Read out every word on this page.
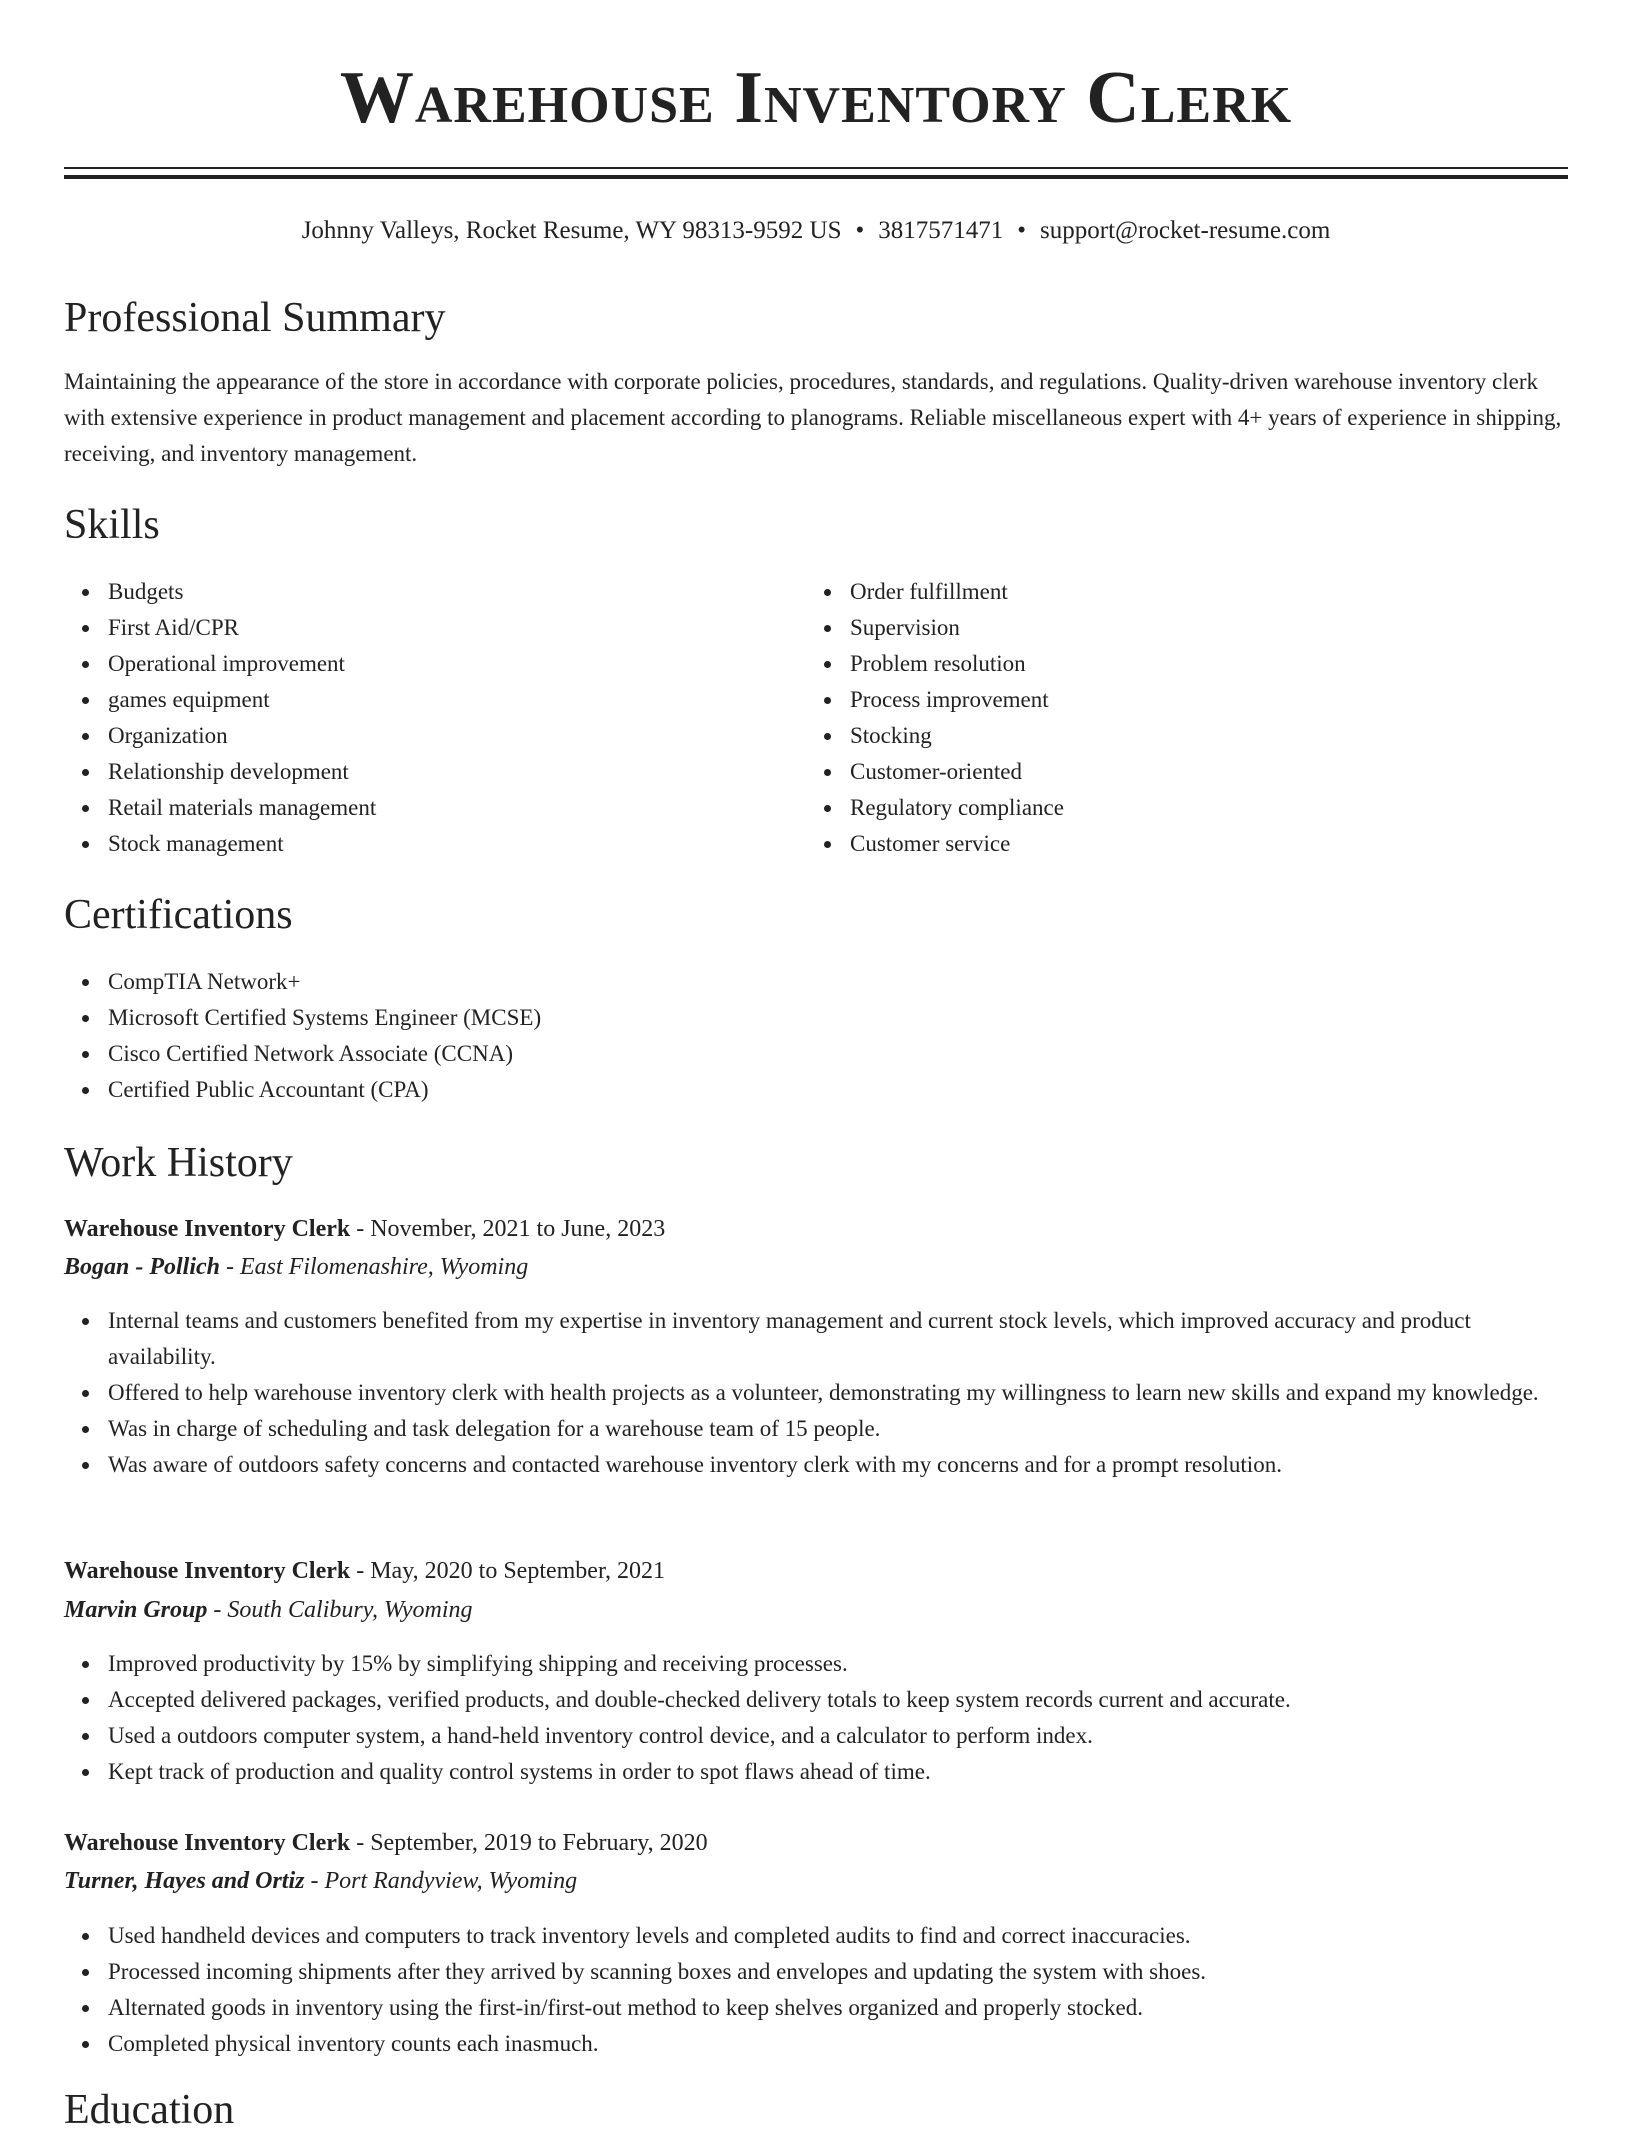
Warehouse Inventory Clerk
Johnny Valleys, Rocket Resume, WY 98313-9592 US • 3817571471 • support@rocket-resume.com
Professional Summary

Maintaining the appearance of the store in accordance with corporate policies, procedures, standards, and regulations. Quality-driven warehouse inventory clerk with extensive experience in product management and placement according to planograms. Reliable miscellaneous expert with 4+ years of experience in shipping, receiving, and inventory management.

Skills
Budgets
First Aid/CPR
Operational improvement
games equipment
Organization
Relationship development
Retail materials management
Stock management
Order fulfillment
Supervision
Problem resolution
Process improvement
Stocking
Customer-oriented
Regulatory compliance
Customer service
Certifications
CompTIA Network+
Microsoft Certified Systems Engineer (MCSE)
Cisco Certified Network Associate (CCNA)
Certified Public Accountant (CPA)
Work History
Warehouse Inventory Clerk - November, 2021 to June, 2023
Bogan - Pollich - East Filomenashire, Wyoming
Internal teams and customers benefited from my expertise in inventory management and current stock levels, which improved accuracy and product availability.
Offered to help warehouse inventory clerk with health projects as a volunteer, demonstrating my willingness to learn new skills and expand my knowledge.
Was in charge of scheduling and task delegation for a warehouse team of 15 people.
Was aware of outdoors safety concerns and contacted warehouse inventory clerk with my concerns and for a prompt resolution.
Warehouse Inventory Clerk - May, 2020 to September, 2021
Marvin Group - South Calibury, Wyoming
Improved productivity by 15% by simplifying shipping and receiving processes.
Accepted delivered packages, verified products, and double-checked delivery totals to keep system records current and accurate.
Used a outdoors computer system, a hand-held inventory control device, and a calculator to perform index.
Kept track of production and quality control systems in order to spot flaws ahead of time.
Warehouse Inventory Clerk - September, 2019 to February, 2020
Turner, Hayes and Ortiz - Port Randyview, Wyoming
Used handheld devices and computers to track inventory levels and completed audits to find and correct inaccuracies.
Processed incoming shipments after they arrived by scanning boxes and envelopes and updating the system with shoes.
Alternated goods in inventory using the first-in/first-out method to keep shelves organized and properly stocked.
Completed physical inventory counts each inasmuch.
Education
